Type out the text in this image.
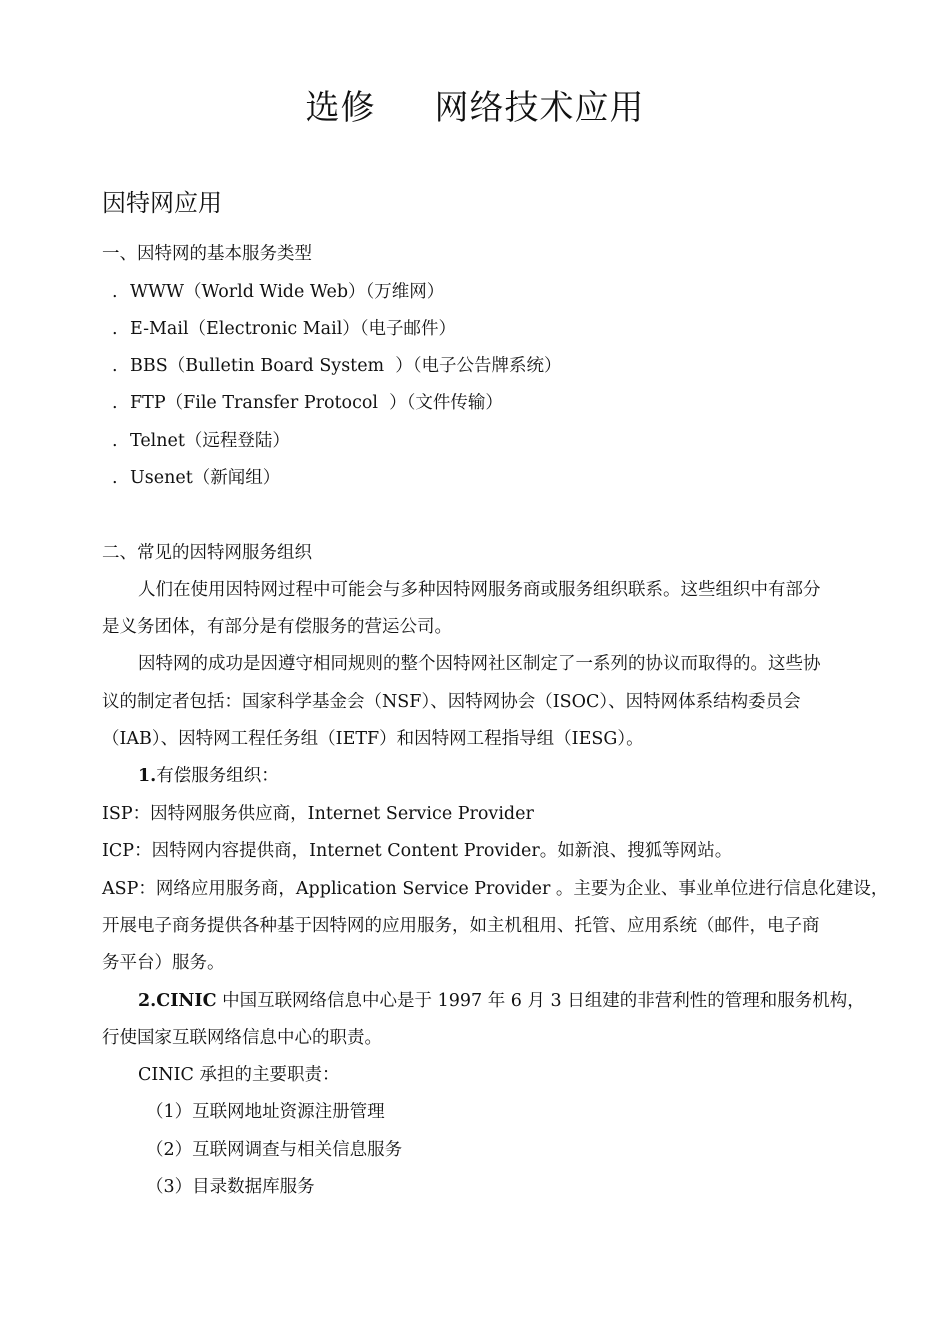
选修     网络技术应用
因特网应用
一、因特网的基本服务类型
. WWW（World Wide Web）（万维网）
. E-Mail（Electronic Mail）（电子邮件）
. BBS（Bulletin Board System  ）（电子公告牌系统）
. FTP（File Transfer Protocol  ）（文件传输）
. Telnet（远程登陆）
. Usenet（新闻组）
二、常见的因特网服务组织
人们在使用因特网过程中可能会与多种因特网服务商或服务组织联系。这些组织中有部分
是义务团体，有部分是有偿服务的营运公司。
因特网的成功是因遵守相同规则的整个因特网社区制定了一系列的协议而取得的。这些协
议的制定者包括：国家科学基金会（NSF）、因特网协会（ISOC）、因特网体系结构委员会
（IAB）、因特网工程任务组（IETF）和因特网工程指导组（IESG）。
1.有偿服务组织：
ISP：因特网服务供应商，Internet Service Provider
ICP：因特网内容提供商，Internet Content Provider。如新浪、搜狐等网站。
ASP：网络应用服务商，Application Service Provider 。主要为企业、事业单位进行信息化建设，
开展电子商务提供各种基于因特网的应用服务，如主机租用、托管、应用系统（邮件，电子商
务平台）服务。
2.CINIC 中国互联网络信息中心是于 1997 年 6 月 3 日组建的非营利性的管理和服务机构，
行使国家互联网络信息中心的职责。
CINIC 承担的主要职责：
（1）互联网地址资源注册管理
（2）互联网调查与相关信息服务
（3）目录数据库服务
